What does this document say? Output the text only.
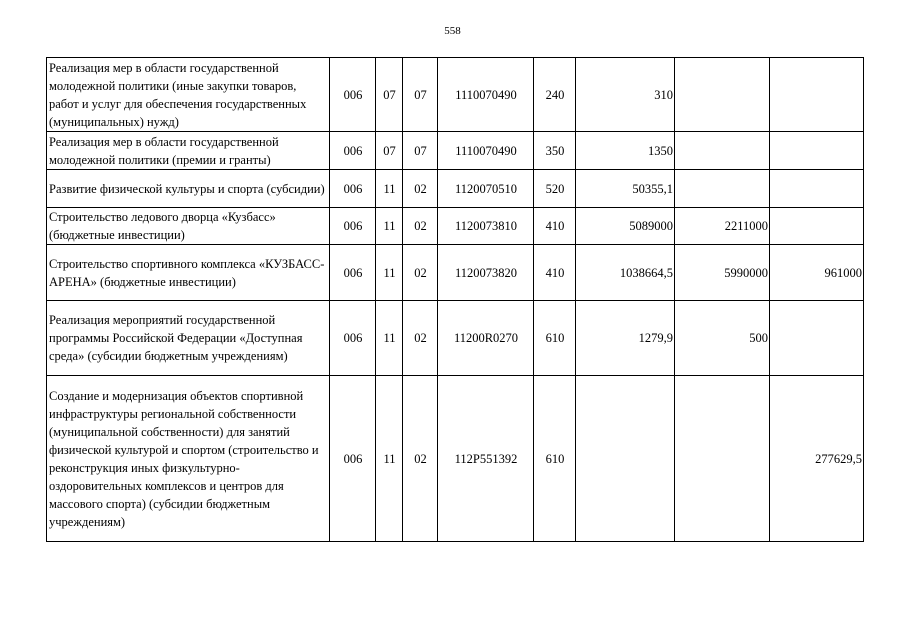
558
Реализация мер в области государственной молодежной политики (иные закупки товаров, работ и услуг для обеспечения государственных (муниципальных) нужд)	006	07	07	1110070490	240	310		
Реализация мер в области государственной молодежной политики (премии и гранты)	006	07	07	1110070490	350	1350		
Развитие физической культуры и спорта (субсидии)	006	11	02	1120070510	520	50355,1		
Строительство ледового дворца «Кузбасс» (бюджетные инвестиции)	006	11	02	1120073810	410	5089000	2211000	
Строительство спортивного комплекса «КУЗБАСС-АРЕНА» (бюджетные инвестиции)	006	11	02	1120073820	410	1038664,5	5990000	961000
Реализация мероприятий государственной программы Российской Федерации «Доступная среда» (субсидии бюджетным учреждениям)	006	11	02	11200R0270	610	1279,9	500	
Создание и модернизация объектов спортивной инфраструктуры региональной собственности (муниципальной собственности) для занятий физической культурой и спортом (строительство и реконструкция иных физкультурно-оздоровительных комплексов и центров для массового спорта) (субсидии бюджетным учреждениям)	006	11	02	112P551392	610			277629,5
